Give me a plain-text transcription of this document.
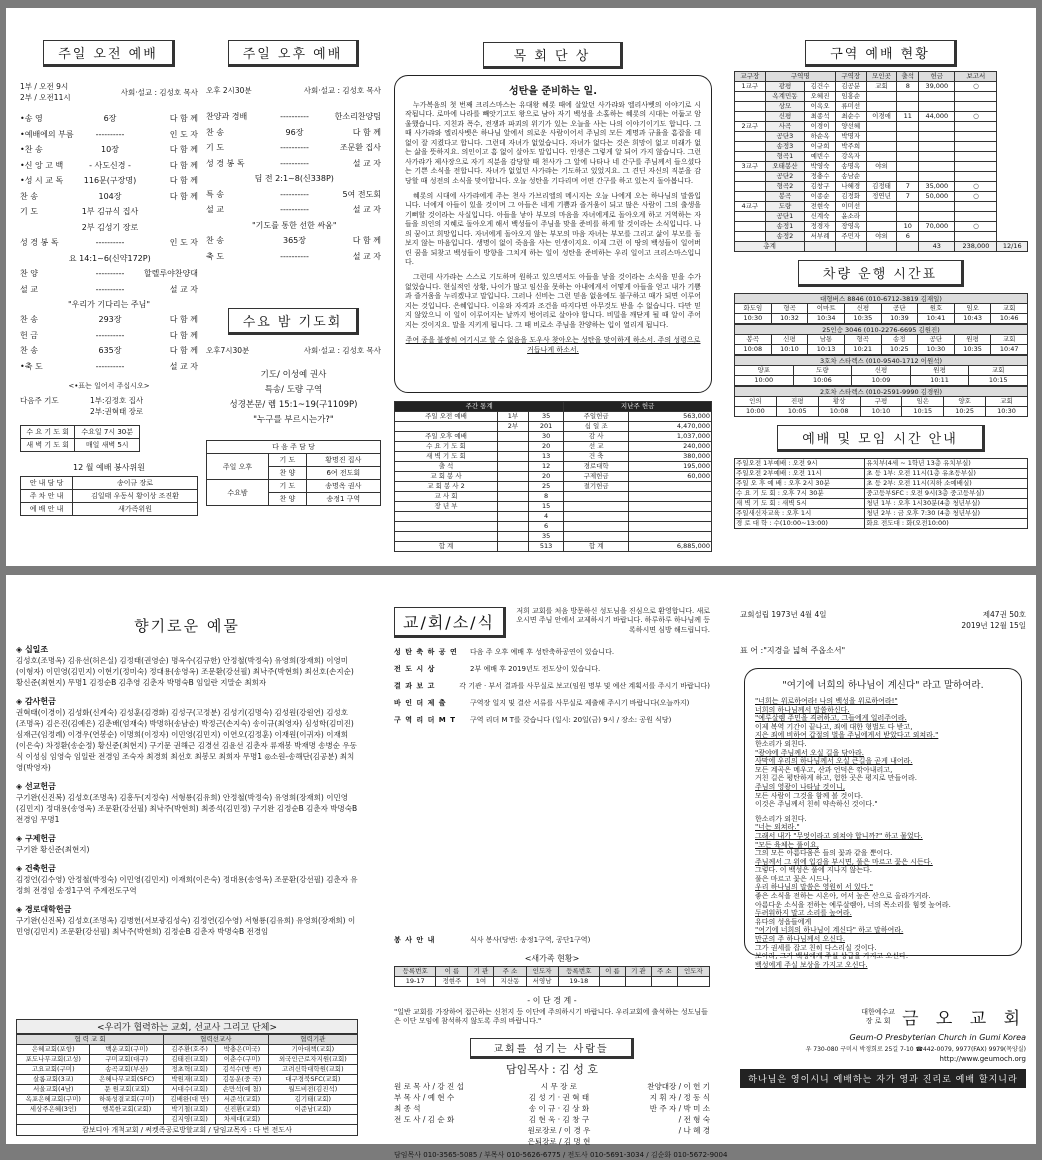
주일 오전 예배
1부 / 오전 9시
2부 / 오전11시
사회·설교 : 김성호 목사
•송 영	6장	다 함 께
•예배에의 부름	----------	인 도 자
•찬 송	10장	다 함 께
•신 앙 고 백	- 사도신경 -	다 함 께
•성 시 교 독	116문(구장명)	다 함 께
찬 송	104장	다 함 께
기 도	1부 김규식 집사
2부 김성기 장로
성 경 봉 독	----------	인 도 자
요 14:1~6(신약172P)
찬 양	----------	할렐루야찬양대
설 교	----------	설 교 자
"우리가 기다리는 주님"
찬 송	293장	다 함 께
헌 금	----------	다 함 께
찬 송	635장	다 함 께
•축 도	----------	설 교 자
<•표는 일어서 주십시오>
다음주 기도	1부:김정호 집사
2부:권혁태 장로
수 요 기 도 회	수요일 7시 30분
새 벽 기 도 회	매일 새벽 5시
12 월 예배 봉사위원
안 내 담 당	송이규 장로
주 차 안 내	김일태 우동식 황이상 조진환
예 배 안 내	새가족위원
주일 오후 예배
오후 2시30분	사회·설교 : 김성호 목사
찬양과 경배	----------	한소리찬양팀
찬 송	96장	다 함 께
기 도	----------	조문환 집사
성 경 봉 독	----------	설 교 자
딤 전 2:1~8(신338P)
특 송	----------	5여 전도회
설 교	----------	설 교 자
"기도를 통한 선한 싸움"
찬 송	365장	다 함 께
축 도	----------	설 교 자
수요 밤 기도회
오후7시30분	사회·설교 : 김성호 목사
기도/ 이성예 권사
특송/ 도량 구역
성경본문/ 렘 15:1~19(구1109P)
"누구를 부르시는가?"
다 음 주 담 당		
주일 오후	기 도	황명진 집사
	찬 양	6여 전도회
수요밤	기 도	송명옥 권사
	찬 양	송정1 구역
목 회 단 상
성탄을 준비하는 일.

누가복음의 첫 번째 크리스마스는 유대왕 헤롯 때에 살았던 사가랴와 엘리사벳의 이야기로 시작됩니다. 로마에 나라를 빼앗기고도 왕으로 남아 자기 백성을 소홀하는 혜롯의 시대는 어둡고 암울했습니다. 지친과 폭수, 전쟁과 파괴의 위기가 있는 오늘을 사는 나의 이야기이기도 합니다. 그 때 사가랴와 엘리사벳은 하나님 앞에서 의로운 사람이어서 주님의 모든 계명과 규율을 흠잡을 데 없이 잘 지켰다고 합니다. 그런데 자녀가 없었습니다. 자녀가 없다는 것은 희망이 없고 미래가 없는 삶을 뜻하지요. 의인이고 흠 없이 살아도 말입니다. 인생은 그렇게 알 되어 가지 않습니다. 그런 사가랴가 제사장으로 자기 직분을 감당할 때 천사가 그 앞에 나타나 네 간구를 주님께서 들으셨다는 기쁜 소식을 전합니다. 자녀가 없었던 사가랴는 기도하고 있었지요. 그 견딘 자신의 직분을 감당할 때 성전의 소식을 맞이합니다. 오늘 성탄을 기다리며 어떤 간구를 하고 있는지 돌아봅니다.

혜롯의 시대에 사가랴에게 주는 천사 가브리엘의 메시지는 오늘 나에게 오는 하나님의 말씀입니다. 너에게 아들이 있을 것이며 그 아들은 네게 기쁨과 즐거움이 되고 많은 사람이 그의 출생을 기뻐할 것이라는 사실입니다. 아들을 낳아 부모의 마음을 자녀에게로 돌아오게 하고 거역하는 자들을 의인의 지혜로 돌아오게 해서 백성들이 주님을 맞을 준비를 하게 할 것이라는 소식입니다. 나의 꿈이고 희망입니다. 자녀에게 돌아오지 않는 부모의 마음 자녀는 부모를 그리고 삶이 부모를 돌보지 않는 마음입니다. 생명이 없이 죽음을 사는 인생이지요. 이제 그런 이 땅의 백성들이 일어버린 꿈을 되찾고 백성들이 방향을 그치게 하는 일이 성탄을 준비하는 우리 일이고 크리스마스입니다.

그런데 사가랴는 스스로 기도하며 원하고 있으면서도 아들을 낳을 것이라는 소식을 믿을 수가 없었습니다. 현실적인 상황, 나이가 많고 임신을 못하는 아내에게서 어떻게 아들을 얻고 내가 기쁨과 즐거움을 누리겠냐고 말입니다. 그러나 신비는 그런 믿음 없음에도 불구하고 때가 되면 이루어지는 것입니다. 은혜입니다. 이유와 자격과 조건을 따지다면 아무것도 받을 수 없습니다. 다만 믿지 않았으니 이 일이 이루어지는 날까지 벙어리로 살아야 합니다. 비밀을 깨닫게 될 때 알이 주어지는 것이지요. 말을 지키게 됩니다. 그 때 비로소 주님을 찬양하는 입이 열리게 됩니다.

주여 종을 불쌍히 여기시고 할 수 없음을 도우사 찾아오는 성탄을 맞이하게 하소서. 주의 성령으로 거듭나게 하소서.

주간 통계			지난주 헌금	
주일 오전 예배	1부	35	주일헌금	563,000
	2부	201	십 일 조	4,470,000
주일 오후 예배		30	감 사	1,037,000
수 요 기 도 회		20	선 교	240,000
새 벽 기 도 회		13	건 축	380,000
출 석		12	경로대학	195,000
교 회 봉 사		20	구제헌금	60,000
교 회 봉 사 2		25	절기헌금	
교 사 회		8		
장 년 부		15		
		4		
		6		
		35		
합 계		513	합 계	6,885,000
구역 예배 현황
교구장	구역명		구역장	모인곳	출석	헌금	보고서	
1교구	광평	김건수	김공분	교회	8	39,000	○	
	옥계민동	오혜진	임홍순					
	상모	이옥오	류미선					
	신평	최종석	최순수	이경애	11	44,000	○	
2교구	사곡	이경이	양선혜					
	공단3	하순옥	박명자					
	송정3	이규희	박주희					
	형곡1	예빈수	강옥자					
3교구	오태봉산	박영숙	송명옥	야외				
	공단2	정충수	송남순					
	형곡2	김창구	나혜경	김정태	7	35,000	○	
	봉곡	이종순	김정화	정연년	7	50,000	○	
4교구	도량	전현숙	이미선					
	공단1	신계숙	윤소라					
	송정1	정경자	장영옥		10	70,000	○	
	송정2	서부례	주민자	야외	6			
총계						43	238,000	12/16
차량 운행 시간표
대형버스 8846 (010-6712-3819 김재일)
화도임	형곡	이마트	신평	공단	원호	임오	교회
10:30	10:32	10:34	10:35	10:39	10:41	10:43	10:46
25인승 3046 (010-2276-6695 김원진)
봉곡	신평	남통	형곡	송정	공단	원평	교회
10:08	10:10	10:13	10:21	10:25	10:30	10:35	10:47
3호차 스타렉스 (010-9540-1712 이원석)
양포	도량	신평	원평	교회
10:00	10:06	10:09	10:11	10:15
2호차 스타렉스 (010-2591-9990 김경원)
인의	진평	황상	구평	임은	양호	교회
10:00	10:05	10:08	10:10	10:15	10:25	10:30
예배 및 모임 시간 안내
주일오전 1부예배 : 오전 9시	유치부(4세 ~ 1학년 13층 유치부실)
주일오전 2부예배 : 오전 11시	초 등 1부: 오전 11시(1층 유초등부실)
주일 오 후 예 배 : 오후 2시 30분	초 등 2부: 오전 11시(지하 소예배실)
수 요 기 도 회 : 오후 7시 30분	중고등부SFC : 오전 9시(3층 중고등부실)
새 벽 기 도 회 : 새벽 5시	청년 1부 : 오후 1시30분(4층 청년부실)
주일새신자교육 : 오후 1시	청년 2부 : 금 오후 7:30 (4층 청년부실)
경 로 대 학 : 수(10:00~13:00)	화요 전도대 : 화(오전10:00)
향기로운 예물
◈ 십일조
김성호(조명옥) 김유선(허은실) 김정태(권영순) 명옥수(김규한) 안정철(박정숙) 유영희(장재희) 이영미(이형자) 이민영(김민지) 이현기(정미숙) 정대용(송영옥) 조문환(강선필) 최낙주(박현희) 최선호(손지순) 황신준(최현지) 무명1 김정순B 김추영 김춘자 박명숙B 임일란 지말순 최희자
◈ 감사헌금
권혁태(이경이) 김성화(신계숙) 김성훈(김경화) 김성구(고정분) 김성기(김명숙) 김성원(강원연) 김성호(조명옥) 김은진(김예은) 김춘배(엄재숙) 박명하(송남순) 박정근(손지숙) 송이규(최영자) 심성학(김미진) 심재근(임정례) 이경우(연봉순) 이명희(이정자) 이민영(김민지) 이연오(김정훈) 이재원(이귀자) 이재희(이은숙) 차정환(송순정) 황신준(최현지) 구기문 권해근 김경선 김윤선 김춘자 류재봉 박재명 송병순 우동식 이성심 임영숙 임일란 전경임 조숙자 최경희 최선호 최봉모 최희자 무명1 ◎소원-송해단(김공분) 최치영(박영자)
◈ 선교헌금
구기완(신진복) 김성호(조명옥) 김흥두(지정숙) 서형룡(김유희) 안정철(박정숙) 유영희(장재희) 이민영(김민지) 정대용(송영옥) 조문환(강선필) 최낙주(박현희) 최종석(김민정) 구기완 김정순B 김춘자 박명숙B 전경임 무명1
◈ 구제헌금
구기완 황신준(최현지)
◈ 건축헌금
김정언(김수영) 안정철(박정숙) 이민영(김민지) 이재희(이은숙) 정대용(송영옥) 조문환(강선필) 김춘자 유정희 전경임 송정1구역 주계전도구역
◈ 경로대학헌금
구기완(신진복) 김성호(조명옥) 김병헌(서보광김성숙) 김정연(김수영) 서형룡(김유희) 유영희(장재희) 이민영(김민지) 조문환(강선필) 최낙주(박현희) 김정순B 김춘자 박명숙B 전경임
<우리가 협력하는 교회, 선교사 그리고 단체>
협 력 교 회		협력선교사		협력기관
은혜교회(포항)	백운교회(구미)	김주환(호주)	박충은(미국)	기아대책(교회)
포도나무교회(고성)	구미교회(대구)	김태진(교회)	이춘수(구미)	외국인근로자지원(교회)
고요교회(구미)	송곡교회(부산)	정초혁(교회)	김석수(방 콕)	고려신학대학원(교회)
살롬교회(3교)	은혜나무교회(SFC)	박원재(교회)	김동운(중 국)	대구경북SFC(교회)
서울교회(4남)	문 원교회(교회)	서대수(교회)	손만석(예 첨)	월드비전(김진석)
옥포은혜교회(구미)	하룩성결교회(구미)	김배완(대 만)	서준석(교회)	김기태(교회)
세상주은혜(3인)	행복한교회(교회)	박기철(교회)	신진환(교회)	이준남(교회)
		김지영(교회)	차세대(교회)	
캄보디아 개척교회 / 써켓족공로방할교회 / 담임교목자 : 다 번 전도사
교/회/소/식
저희 교회를 처음 방문하신 성도님을 진심으로 환영합니다. 새로 오시면 주님 안에서 교제하시기 바랍니다. 하루하루 하나님께 등록하시면 심방 해드립니다.
성 탄 축 하 공 연	다음 주 오후 예배 후 성탄축하공연이 있습니다.
전 도 시 상	2부 예배 후 2019년도 전도상이 있습니다.
결 과 보 고	각 기관 · 부서 결과를 사무실로 보고(임원 명부 및 예산 계획서를 주시기 바랍니다)
바 인 더 제 출	구역장 일지 및 결산 서류를 사무실로 제출해 주시기 바랍니다(오늘까지)
구 역 리 더 M T	구역 리더 M T를 갖습니다 (일시: 20일(금) 9시 / 장소: 공원 식당)
봉 사 안 내	식사 봉사(당번: 송정1구역, 공단1구역)
<새가족 현황>
등록번호	이 름	기 관	주 소	인도자	등록번호	이 름	기 관	주 소	인도자
19-17	정현주	1여	지산동	서영남	19-18				
- 이 단 경 계 -
"일반 교회를 가장하여 접근하는 신천지 등 이단에 주의하시기 바랍니다. 우리교회에 출석하는 성도님들은 이단 모임에 참석하지 않도록 주의 바랍니다."
교회를 섬기는 사람들
담임목사 : 김 성 호
원 로 목 사 / 강 진 섭	시 무 장 로	찬양대장 / 이 헌 기
부 목 사 / 예 현 수	김 성 기 · 권 혁 태	지 휘 자 / 정 동 식
최 종 석	송 이 규 · 김 상 화	반 주 자 / 박 미 소
전 도 사 / 김 순 화	김 현 욱 · 김 창 구	/ 전 형 숙
원로장로 / 이 경 우	/ 나 혜 경
은퇴장로 / 김 명 현
담임목사 010-3565-5085 / 부목사 010-5626-6775 / 전도사 010-5691-3034 / 김순화 010-5672-9004
교회설립 1973년 4월 4일	제47권 50호
2019년 12월 15일
표 어 :"지경을 넓혀 주옵소서"
"여기에 너희의 하나님이 계신다" 라고 말하여라.
"너희는 위로하여라! 나의 백성을 위로하여라!"
너희의 하나님께서 말씀하신다.
"예루살렘 주민을 격려하고, 그들에게 일러주어라.
이제 복역 기간이 끝나고, 죄에 대한 형벌도 다 받고,
지은 죄에 비하여 갑절의 벌을 주님에게서 받았다고 외쳐라."
한소리가 외친다.
"광야에 주님께서 오실 길을 닦아라.
사막에 우리의 하나님께서 오실 큰길을 곧게 내어라.
모든 계곡은 메우고, 산과 언덕은 깎아내리고,
거친 길은 평탄하게 하고, 험한 곳은 평지로 만들어라.
주님의 영광이 나타날 것이니,
모든 사람이 그것을 함께 볼 것이다.
이것은 주님께서 친히 약속하신 것이다."
한소리가 외친다.
"너는 외쳐라."
그래서 내가 "무엇이라고 외쳐야 합니까?" 하고 물었다.
"모든 육체는 풀이요,
그의 모든 아름다움은 들의 꽃과 같을 뿐이다.
주님께서 그 위에 입김을 부시면, 풀은 마르고 꽃은 시든다.
그렇다. 이 백성은 풀에 지나지 않는다.
풀은 마르고 꽃은 시드나,
우리 하나님의 말씀은 영원히 서 있다."
좋은 소식을 전하는 시온아, 어서 높은 산으로 올라가거라.
아름다운 소식을 전하는 예루살렘아, 너의 목소리를 힘껏 높여라.
두려워하지 말고 소리를 높여라.
유다의 성읍들에게
"여기에 너희의 하나님이 계신다" 하고 말하여라.
만군의 주 하나님께서 오신다.
그가 권세를 잡고 친히 다스리실 것이다.
보아라, 그가 백성에게 주실 상급을 가지고 오신다.
백성에게 주실 보상을 가지고 오신다.
대한예수교 장 로 회 금 오 교 회
Geum-O Presbyterian Church in Gumi Korea
우 730-080 구미시 박정희로 25길 7-10 ☎442-0079, 9977(FAX) 9979(목양실)
http://www.geumoch.org
하나님은 영이시니 예배하는 자가 영과 진리로 예배 할지니라
